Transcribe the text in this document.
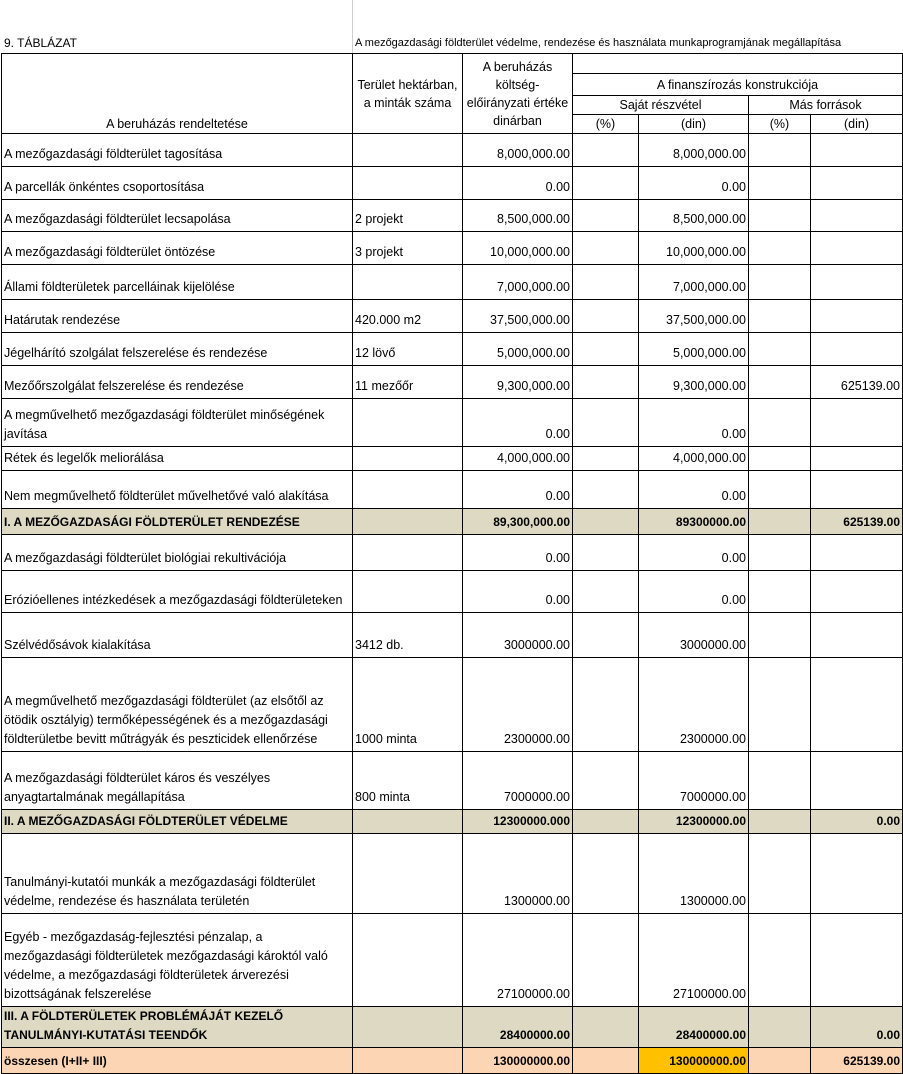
9. TÁBLÁZAT	A mezőgazdasági földterület védelme, rendezése és használata munkaprogramjának megállapítása
A beruházás rendeltetése	Terület hektárban, a minták száma	A beruházás költség-előirányzati értéke dinárban				
			A finanszírozás konstrukciója			
			Saját részvétel		Más források	
			(%)	(din)	(%)	(din)
A mezőgazdasági földterület tagosítása		8,000,000.00		8,000,000.00		
A parcellák önkéntes csoportosítása		0.00		0.00		
A mezőgazdasági földterület lecsapolása	2 projekt	8,500,000.00		8,500,000.00		
A mezőgazdasági földterület öntözése	3 projekt	10,000,000.00		10,000,000.00		
Állami földterületek parcelláinak kijelölése		7,000,000.00		7,000,000.00		
Határutak rendezése	420.000 m2	37,500,000.00		37,500,000.00		
Jégelhárító szolgálat felszerelése és rendezése	12 lövő	5,000,000.00		5,000,000.00		
Mezőőrszolgálat felszerelése és rendezése	11 mezőőr	9,300,000.00		9,300,000.00		625139.00
A megművelhető mezőgazdasági földterület minőségének javítása		0.00		0.00		
Rétek és legelők meliorálása		4,000,000.00		4,000,000.00		
Nem megművelhető földterület művelhetővé való alakítása		0.00		0.00		
I. A MEZŐGAZDASÁGI FÖLDTERÜLET RENDEZÉSE		89,300,000.00		89300000.00		625139.00
A mezőgazdasági földterület biológiai rekultivációja		0.00		0.00		
Erózióellenes intézkedések a mezőgazdasági földterületeken		0.00		0.00		
Szélvédősávok kialakítása	3412 db.	3000000.00		3000000.00		
A megművelhető mezőgazdasági földterület (az elsőtől az ötödik osztályig) termőképességének és a mezőgazdasági földterületbe bevitt műtrágyák és peszticidek ellenőrzése	1000 minta	2300000.00		2300000.00		
A mezőgazdasági földterület káros és veszélyes anyagtartalmának megállapítása	800 minta	7000000.00		7000000.00		
II. A MEZŐGAZDASÁGI FÖLDTERÜLET VÉDELME		12300000.000		12300000.00		0.00
Tanulmányi-kutatói munkák a mezőgazdasági földterület védelme, rendezése és használata területén		1300000.00		1300000.00		
Egyéb - mezőgazdaság-fejlesztési pénzalap, a mezőgazdasági földterületek mezőgazdasági károktól való védelme, a mezőgazdasági földterületek árverezési bizottságának felszerelése		27100000.00		27100000.00		
III. A FÖLDTERÜLETEK PROBLÉMÁJÁT KEZELŐ TANULMÁNYI-KUTATÁSI TEENDŐK		28400000.00		28400000.00		0.00
összesen (I+II+ III)		130000000.00		130000000.00		625139.00
